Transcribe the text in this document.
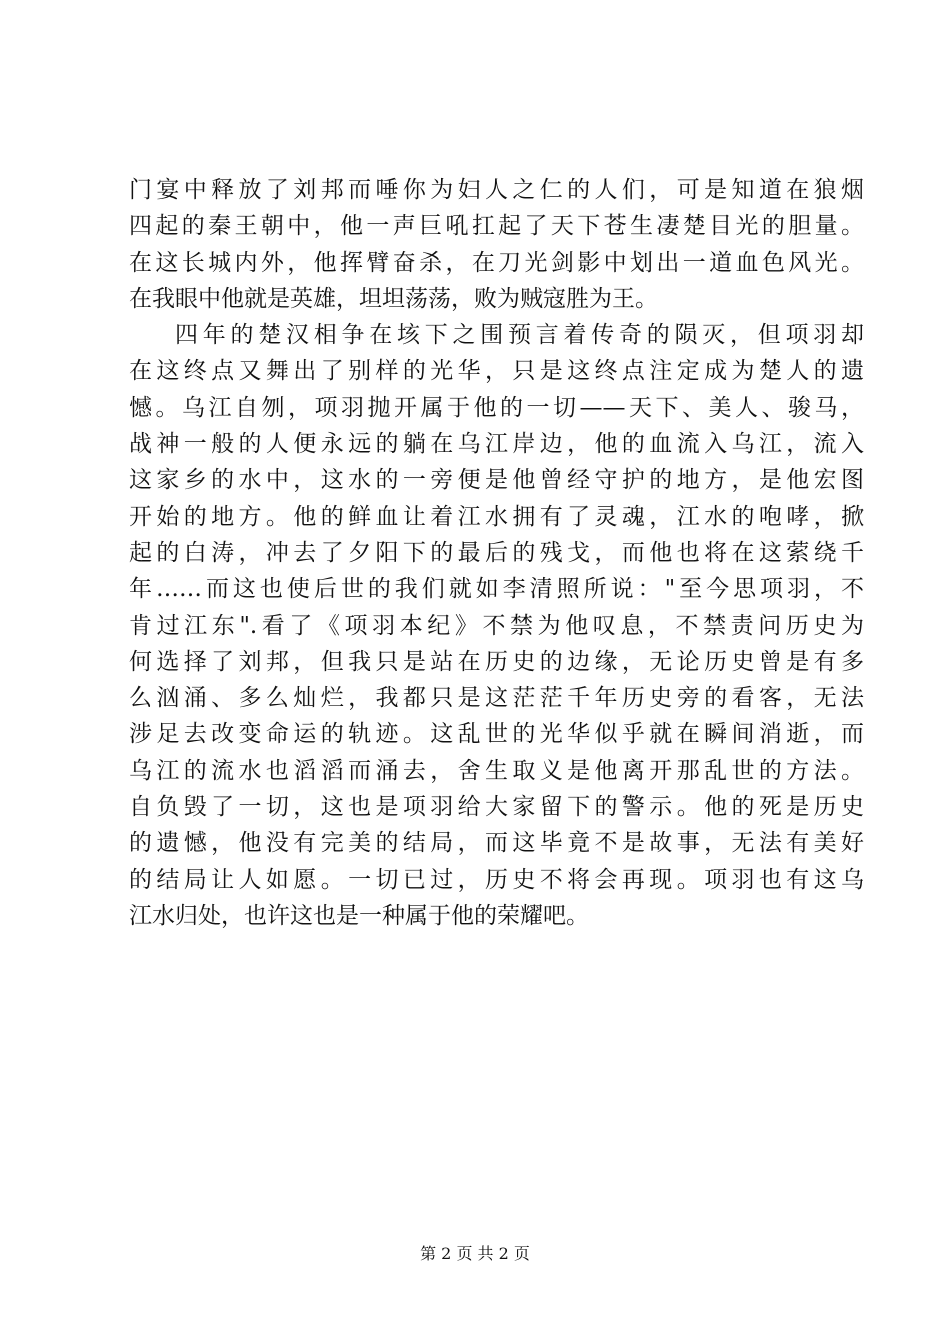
门宴中释放了刘邦而唾你为妇人之仁的人们，可是知道在狼烟
四起的秦王朝中，他一声巨吼扛起了天下苍生凄楚目光的胆量。
在这长城内外，他挥臂奋杀，在刀光剑影中划出一道血色风光。
在我眼中他就是英雄，坦坦荡荡，败为贼寇胜为王。
四年的楚汉相争在垓下之围预言着传奇的陨灭，但项羽却
在这终点又舞出了别样的光华，只是这终点注定成为楚人的遗
憾。乌江自刎，项羽抛开属于他的一切——天下、美人、骏马，
战神一般的人便永远的躺在乌江岸边，他的血流入乌江，流入
这家乡的水中，这水的一旁便是他曾经守护的地方，是他宏图
开始的地方。他的鲜血让着江水拥有了灵魂，江水的咆哮，掀
起的白涛，冲去了夕阳下的最后的残戈，而他也将在这萦绕千
年……而这也使后世的我们就如李清照所说："至今思项羽，不
肯过江东".看了《项羽本纪》不禁为他叹息，不禁责问历史为
何选择了刘邦，但我只是站在历史的边缘，无论历史曾是有多
么汹涌、多么灿烂，我都只是这茫茫千年历史旁的看客，无法
涉足去改变命运的轨迹。这乱世的光华似乎就在瞬间消逝，而
乌江的流水也滔滔而涌去，舍生取义是他离开那乱世的方法。
自负毁了一切，这也是项羽给大家留下的警示。他的死是历史
的遗憾，他没有完美的结局，而这毕竟不是故事，无法有美好
的结局让人如愿。一切已过，历史不将会再现。项羽也有这乌
江水归处，也许这也是一种属于他的荣耀吧。
第 2 页 共 2 页
